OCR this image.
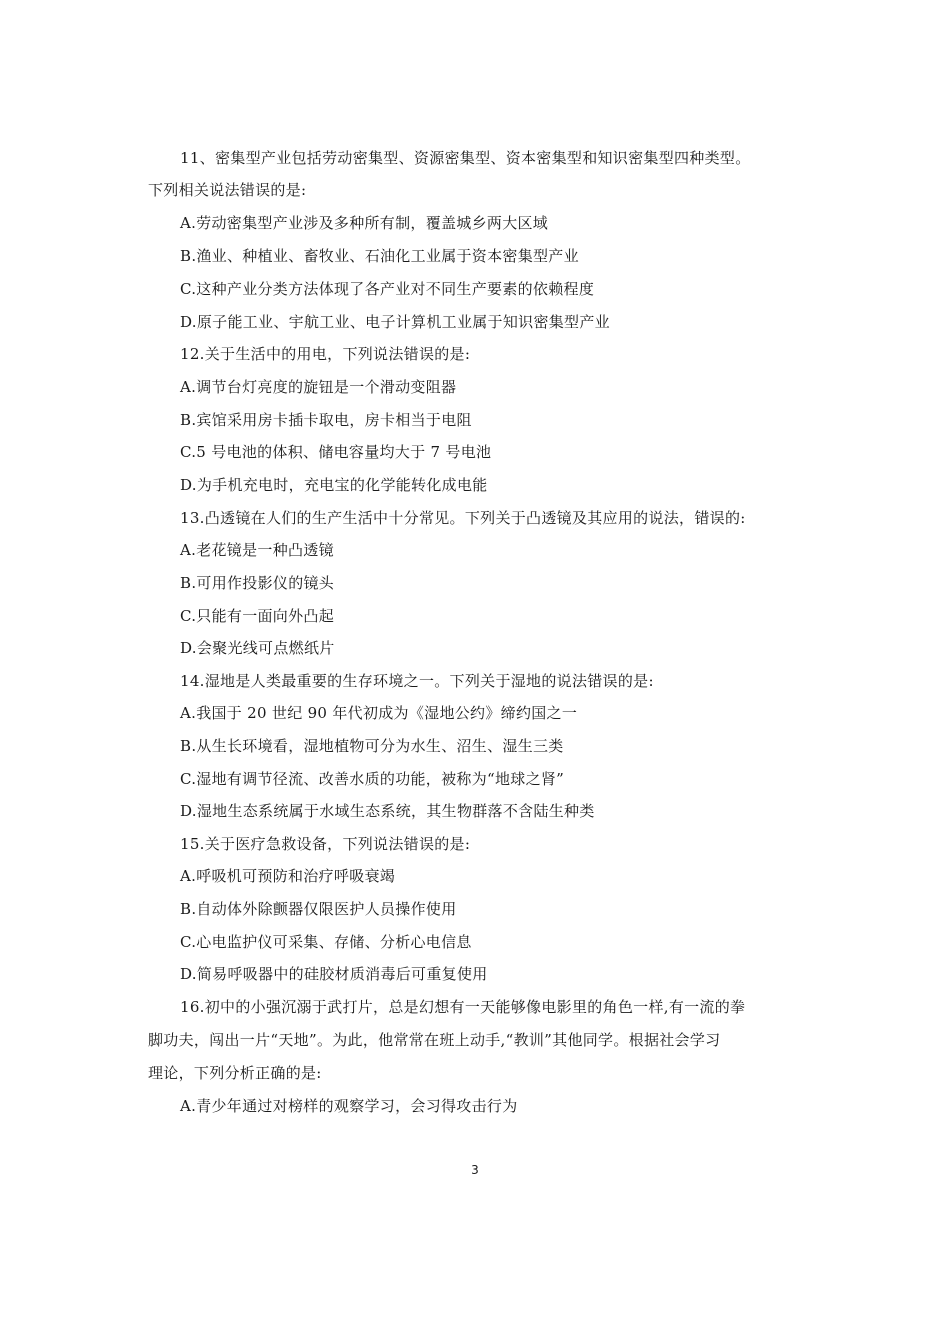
11、密集型产业包括劳动密集型、资源密集型、资本密集型和知识密集型四种类型。
下列相关说法错误的是:
A.劳动密集型产业涉及多种所有制，覆盖城乡两大区域
B.渔业、种植业、畜牧业、石油化工业属于资本密集型产业
C.这种产业分类方法体现了各产业对不同生产要素的依赖程度
D.原子能工业、宇航工业、电子计算机工业属于知识密集型产业
12.关于生活中的用电，下列说法错误的是:
A.调节台灯亮度的旋钮是一个滑动变阻器
B.宾馆采用房卡插卡取电，房卡相当于电阻
C.5 号电池的体积、储电容量均大于 7 号电池
D.为手机充电时，充电宝的化学能转化成电能
13.凸透镜在人们的生产生活中十分常见。下列关于凸透镜及其应用的说法，错误的:
A.老花镜是一种凸透镜
B.可用作投影仪的镜头
C.只能有一面向外凸起
D.会聚光线可点燃纸片
14.湿地是人类最重要的生存环境之一。下列关于湿地的说法错误的是:
A.我国于 20 世纪 90 年代初成为《湿地公约》缔约国之一
B.从生长环境看，湿地植物可分为水生、沼生、湿生三类
C.湿地有调节径流、改善水质的功能，被称为“地球之肾”
D.湿地生态系统属于水域生态系统，其生物群落不含陆生种类
15.关于医疗急救设备，下列说法错误的是:
A.呼吸机可预防和治疗呼吸衰竭
B.自动体外除颤器仅限医护人员操作使用
C.心电监护仪可采集、存储、分析心电信息
D.简易呼吸器中的硅胶材质消毒后可重复使用
16.初中的小强沉溺于武打片，总是幻想有一天能够像电影里的角色一样,有一流的拳
脚功夫，闯出一片“天地”。为此，他常常在班上动手,“教训”其他同学。根据社会学习
理论，下列分析正确的是:
A.青少年通过对榜样的观察学习，会习得攻击行为
3
